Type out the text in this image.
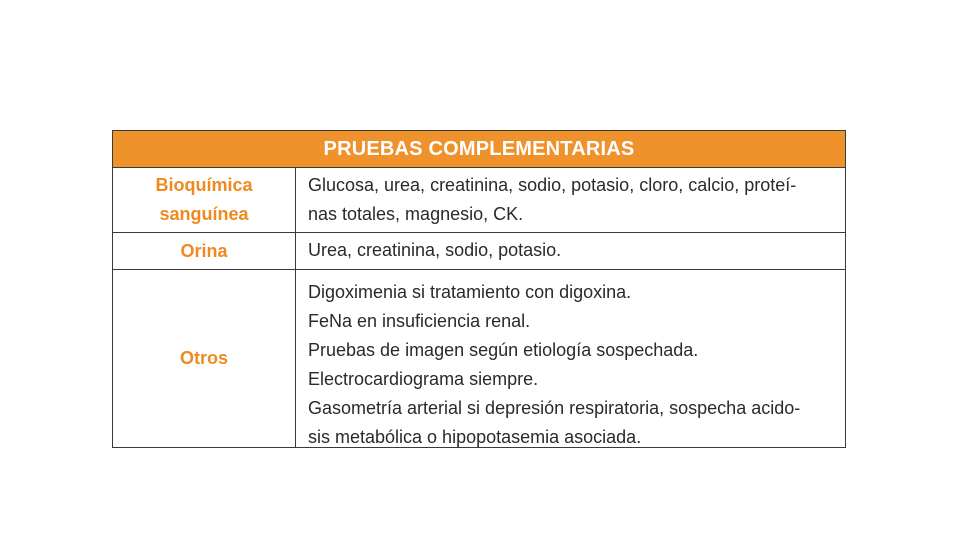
PRUEBAS COMPLEMENTARIAS
Bioquímica
sanguínea
Glucosa, urea, creatinina, sodio, potasio, cloro, calcio, proteí-
nas totales, magnesio, CK.
Orina	Urea, creatinina, sodio, potasio.
Otros
Digoximenia si tratamiento con digoxina.
FeNa en insuficiencia renal.
Pruebas de imagen según etiología sospechada.
Electrocardiograma siempre.
Gasometría arterial si depresión respiratoria, sospecha acido-
sis metabólica o hipopotasemia asociada.
